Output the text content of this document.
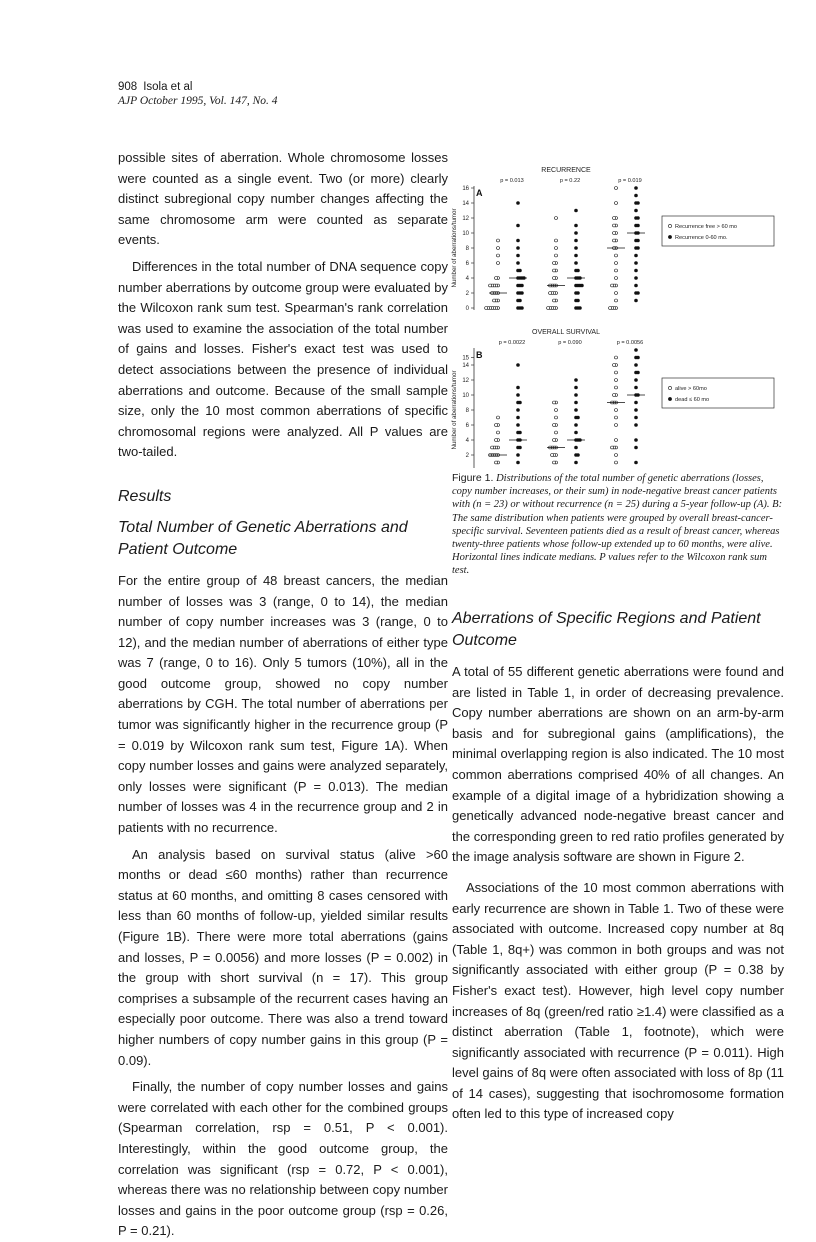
908 Isola et al
AJP October 1995, Vol. 147, No. 4

possible sites of aberration. Whole chromosome losses were counted as a single event. Two (or more) clearly distinct subregional copy number changes affecting the same chromosome arm were counted as separate events.

Differences in the total number of DNA sequence copy number aberrations by outcome group were evaluated by the Wilcoxon rank sum test. Spearman's rank correlation was used to examine the association of the total number of gains and losses. Fisher's exact test was used to detect associations between the presence of individual aberrations and outcome. Because of the small sample size, only the 10 most common aberrations of specific chromosomal regions were analyzed. All P values are two-tailed.

Results
Total Number of Genetic Aberrations and Patient Outcome

For the entire group of 48 breast cancers, the median number of losses was 3 (range, 0 to 14), the median number of copy number increases was 3 (range, 0 to 12), and the median number of aberrations of either type was 7 (range, 0 to 16). Only 5 tumors (10%), all in the good outcome group, showed no copy number aberrations by CGH. The total number of aberrations per tumor was significantly higher in the recurrence group (P = 0.019 by Wilcoxon rank sum test, Figure 1A). When copy number losses and gains were analyzed separately, only losses were significant (P = 0.013). The median number of losses was 4 in the recurrence group and 2 in patients with no recurrence.

An analysis based on survival status (alive >60 months or dead ≤60 months) rather than recurrence status at 60 months, and omitting 8 cases censored with less than 60 months of follow-up, yielded similar results (Figure 1B). There were more total aberrations (gains and losses, P = 0.0056) and more losses (P = 0.002) in the group with short survival (n = 17). This group comprises a subsample of the recurrent cases having an especially poor outcome. There was also a trend toward higher numbers of copy number gains in this group (P = 0.09).

Finally, the number of copy number losses and gains were correlated with each other for the combined groups (Spearman correlation, rsp = 0.51, P < 0.001). Interestingly, within the good outcome group, the correlation was significant (rsp = 0.72, P < 0.001), whereas there was no relationship between copy number losses and gains in the poor outcome group (rsp = 0.26, P = 0.21).

RECURRENCE
A
0
2
4
6
8
10
12
14
16
Number of aberrations/tumor
p = 0.013	p = 0.22	p = 0.019
Recurrence free > 60 mo
Recurrence 0-60 mo.
OVERALL SURVIVAL
B
2
4
6
8
10
12
14
15
Number of aberrations/tumor
p = 0.0022	p = 0.090	p = 0.0056
alive > 60mo
dead ≤ 60 mo
Figure 1. Distributions of the total number of genetic aberrations (losses, copy number increases, or their sum) in node-negative breast cancer patients with (n = 23) or without recurrence (n = 25) during a 5-year follow-up (A). B: The same distribution when patients were grouped by overall breast-cancer-specific survival. Seventeen patients died as a result of breast cancer, whereas twenty-three patients whose follow-up extended up to 60 months, were alive. Horizontal lines indicate medians. P values refer to the Wilcoxon rank sum test.
Aberrations of Specific Regions and Patient Outcome

A total of 55 different genetic aberrations were found and are listed in Table 1, in order of decreasing prevalence. Copy number aberrations are shown on an arm-by-arm basis and for subregional gains (amplifications), the minimal overlapping region is also indicated. The 10 most common aberrations comprised 40% of all changes. An example of a digital image of a hybridization showing a genetically advanced node-negative breast cancer and the corresponding green to red ratio profiles generated by the image analysis software are shown in Figure 2.

Associations of the 10 most common aberrations with early recurrence are shown in Table 1. Two of these were associated with outcome. Increased copy number at 8q (Table 1, 8q+) was common in both groups and was not significantly associated with either group (P = 0.38 by Fisher's exact test). However, high level copy number increases of 8q (green/red ratio ≥1.4) were classified as a distinct aberration (Table 1, footnote), which were significantly associated with recurrence (P = 0.011). High level gains of 8q were often associated with loss of 8p (11 of 14 cases), suggesting that isochromosome formation often led to this type of increased copy
